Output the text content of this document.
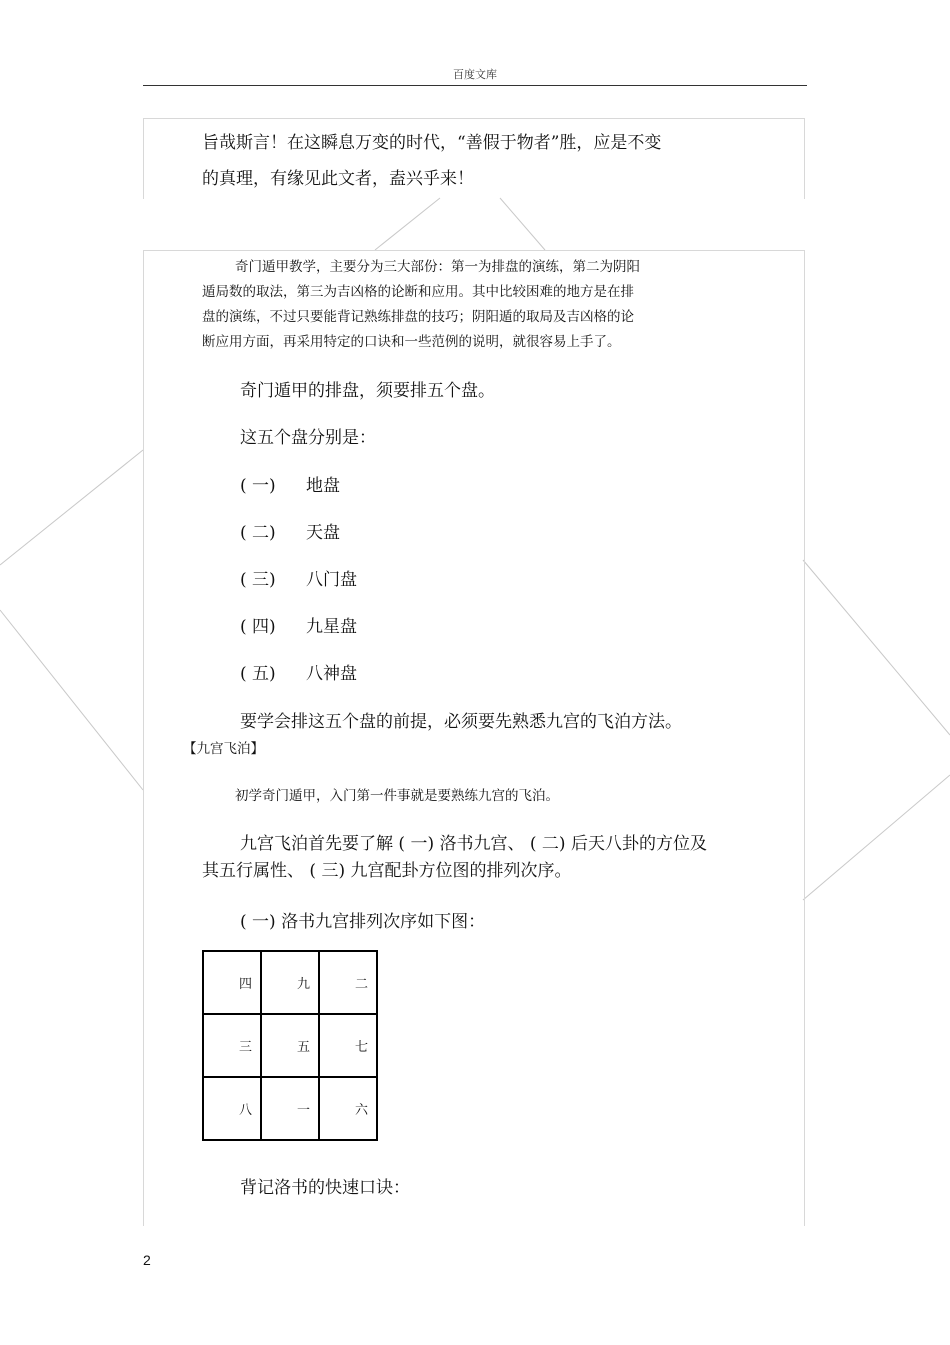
百度文库
旨哉斯言！在这瞬息万变的时代，“善假于物者”胜，应是不变
的真理，有缘见此文者，盍兴乎来！
奇门遁甲教学，主要分为三大部份：第一为排盘的演练，第二为阴阳
遁局数的取法，第三为吉凶格的论断和应用。其中比较困难的地方是在排
盘的演练，不过只要能背记熟练排盘的技巧；阴阳遁的取局及吉凶格的论
断应用方面，再采用特定的口诀和一些范例的说明，就很容易上手了。
奇门遁甲的排盘，须要排五个盘。
这五个盘分别是：
( 一) 地盘
( 二) 天盘
( 三) 八门盘
( 四) 九星盘
( 五) 八神盘
要学会排这五个盘的前提，必须要先熟悉九宫的飞泊方法。
【九宫飞泊】
初学奇门遁甲，入门第一件事就是要熟练九宫的飞泊。
九宫飞泊首先要了解 ( 一) 洛书九宫、 ( 二) 后天八卦的方位及
其五行属性、 ( 三) 九宫配卦方位图的排列次序。
( 一) 洛书九宫排列次序如下图：
四	九	二
三	五	七
八	一	六
背记洛书的快速口诀：
2
